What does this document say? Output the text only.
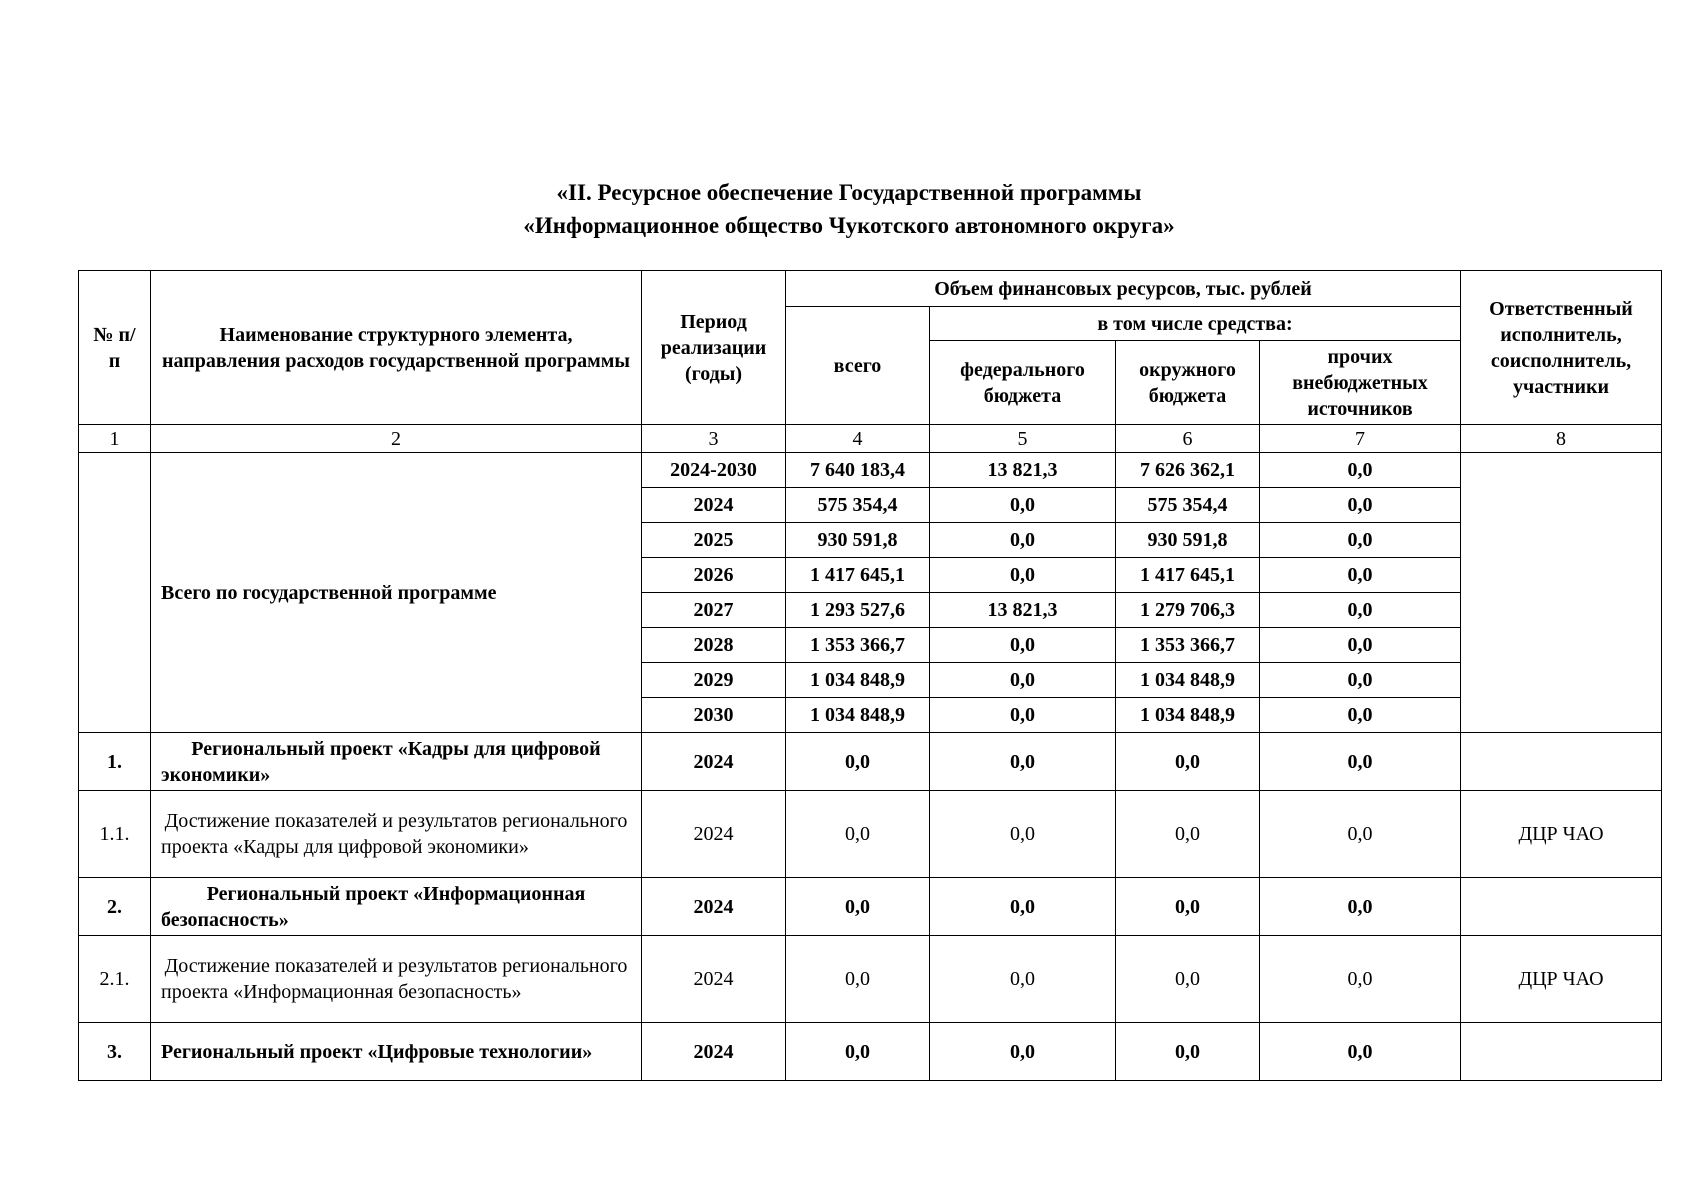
«II. Ресурсное обеспечение Государственной программы
«Информационное общество Чукотского автономного округа»
№ п/п	Наименование структурного элемента, направления расходов государственной программы	Период реализации (годы)	Объем финансовых ресурсов, тыс. рублей				Ответственный исполнитель, соисполнитель, участники
			всего	в том числе средства:			
				федерального бюджета	окружного бюджета	прочих внебюджетных источников	
1	2	3	4	5	6	7	8
	Всего по государственной программе	2024-2030	7 640 183,4	13 821,3	7 626 362,1	0,0	
		2024	575 354,4	0,0	575 354,4	0,0	
		2025	930 591,8	0,0	930 591,8	0,0	
		2026	1 417 645,1	0,0	1 417 645,1	0,0	
		2027	1 293 527,6	13 821,3	1 279 706,3	0,0	
		2028	1 353 366,7	0,0	1 353 366,7	0,0	
		2029	1 034 848,9	0,0	1 034 848,9	0,0	
		2030	1 034 848,9	0,0	1 034 848,9	0,0	
1.	Региональный проект «Кадры для цифровой экономики»	2024	0,0	0,0	0,0	0,0	
1.1.	Достижение показателей и результатов регионального проекта «Кадры для цифровой экономики»	2024	0,0	0,0	0,0	0,0	ДЦР ЧАО
2.	Региональный проект «Информационная безопасность»	2024	0,0	0,0	0,0	0,0	
2.1.	Достижение показателей и результатов регионального проекта «Информационная безопасность»	2024	0,0	0,0	0,0	0,0	ДЦР ЧАО
3.	Региональный проект «Цифровые технологии»	2024	0,0	0,0	0,0	0,0	
